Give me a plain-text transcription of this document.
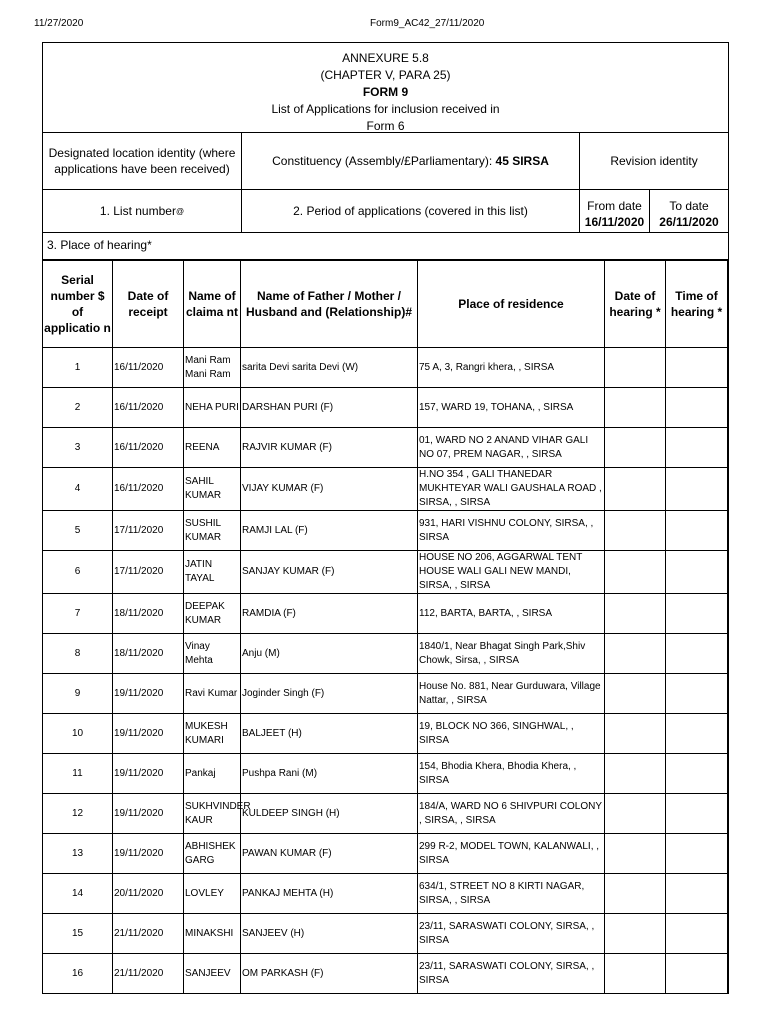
11/27/2020	Form9_AC42_27/11/2020
ANNEXURE 5.8
(CHAPTER V, PARA 25)
FORM 9
List of Applications for inclusion received in
Form 6
Designated location identity (where applications have been received)
Constituency (Assembly/£Parliamentary):
45 SIRSA	Revision identity
1. List number @	2. Period of applications (covered in this list)	From date
16/11/2020
To date
26/11/2020
3. Place of hearing*
Serial number $ of applicatio n	Date of receipt	Name of claima nt	Name of Father / Mother / Husband and (Relationship)#	Place of residence	Date of hearing *	Time of hearing *
1	16/11/2020	Mani Ram Mani Ram	sarita Devi sarita Devi (W)	75 A, 3, Rangri khera, , SIRSA		
2	16/11/2020	NEHA PURI	DARSHAN PURI (F)	157, WARD 19, TOHANA, , SIRSA		
3	16/11/2020	REENA	RAJVIR KUMAR (F)	01, WARD NO 2 ANAND VIHAR GALI NO 07, PREM NAGAR, , SIRSA		
4	16/11/2020	SAHIL KUMAR	VIJAY KUMAR (F)	H.NO 354 , GALI THANEDAR MUKHTEYAR WALI GAUSHALA ROAD , SIRSA, , SIRSA		
5	17/11/2020	SUSHIL KUMAR	RAMJI LAL (F)	931, HARI VISHNU COLONY, SIRSA, , SIRSA		
6	17/11/2020	JATIN TAYAL	SANJAY KUMAR (F)	HOUSE NO 206, AGGARWAL TENT HOUSE WALI GALI NEW MANDI, SIRSA, , SIRSA		
7	18/11/2020	DEEPAK KUMAR	RAMDIA (F)	112, BARTA, BARTA, , SIRSA		
8	18/11/2020	Vinay Mehta	Anju (M)	1840/1, Near Bhagat Singh Park,Shiv Chowk, Sirsa, , SIRSA		
9	19/11/2020	Ravi Kumar	Joginder Singh (F)	House No. 881, Near Gurduwara, Village Nattar, , SIRSA		
10	19/11/2020	MUKESH KUMARI	BALJEET (H)	19, BLOCK NO 366, SINGHWAL, , SIRSA		
11	19/11/2020	Pankaj	Pushpa Rani (M)	154, Bhodia Khera, Bhodia Khera, , SIRSA		
12	19/11/2020	SUKHVINDER KAUR	KULDEEP SINGH (H)	184/A, WARD NO 6 SHIVPURI COLONY , SIRSA, , SIRSA		
13	19/11/2020	ABHISHEK GARG	PAWAN KUMAR (F)	299 R-2, MODEL TOWN, KALANWALI, , SIRSA		
14	20/11/2020	LOVLEY	PANKAJ MEHTA (H)	634/1, STREET NO 8 KIRTI NAGAR, SIRSA, , SIRSA		
15	21/11/2020	MINAKSHI	SANJEEV (H)	23/11, SARASWATI COLONY, SIRSA, , SIRSA		
16	21/11/2020	SANJEEV	OM PARKASH (F)	23/11, SARASWATI COLONY, SIRSA, , SIRSA		
